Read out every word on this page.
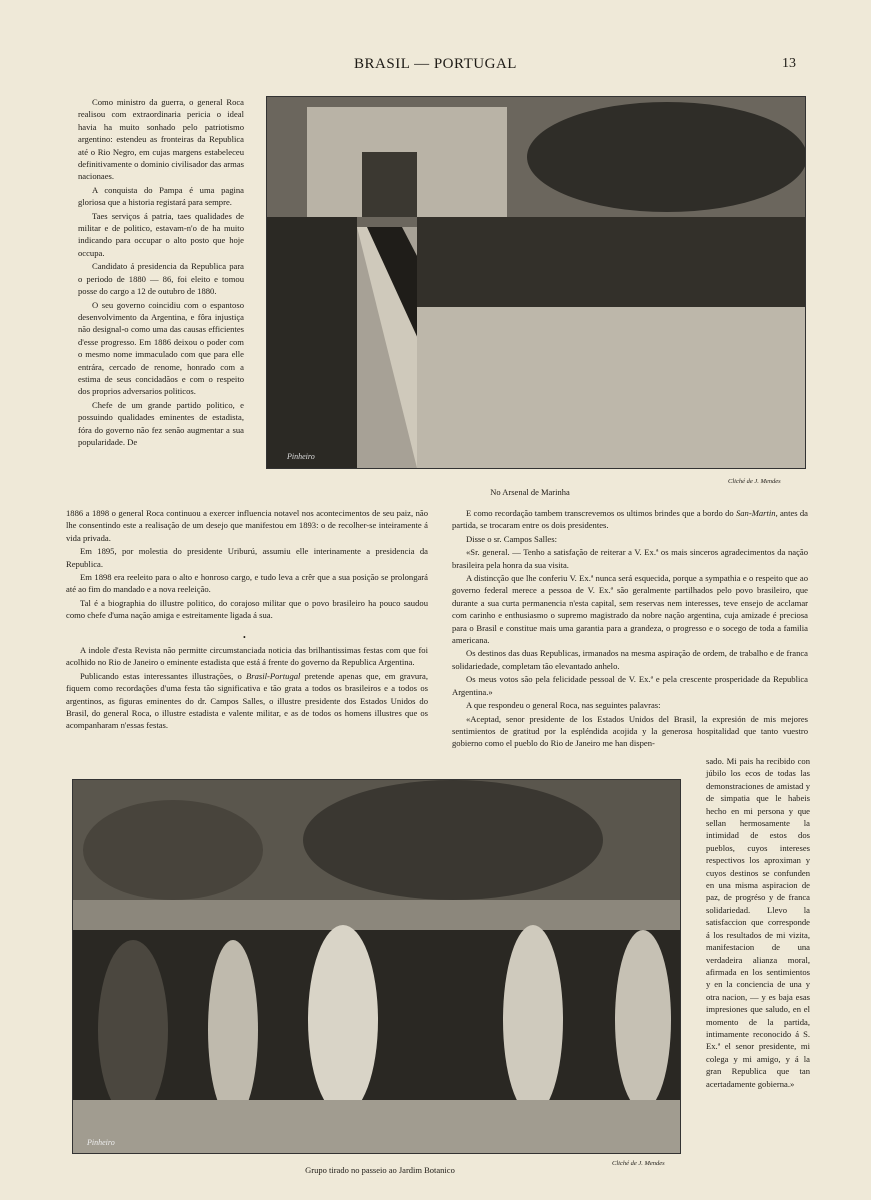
BRASIL — PORTUGAL	13

Como ministro da guerra, o general Roca realisou com extraordinaria pericia o ideal havia ha muito sonhado pelo patriotismo argentino: estendeu as fronteiras da Republica até o Rio Negro, em cujas margens estabeleceu definitivamente o dominio civilisador das armas nacionaes.

A conquista do Pampa é uma pagina gloriosa que a historia registará para sempre.

Taes serviços á patria, taes qualidades de militar e de politico, estavam-n'o de ha muito indicando para occupar o alto posto que hoje occupa.

Candidato á presidencia da Republica para o periodo de 1880 — 86, foi eleito e tomou posse do cargo a 12 de outubro de 1880.

O seu governo coincidiu com o espantoso desenvolvimento da Argentina, e fôra injustiça não designal-o como uma das causas efficientes d'esse progresso. Em 1886 deixou o poder com o mesmo nome immaculado com que para elle entrára, cercado de renome, honrado com a estima de seus concidadãos e com o respeito dos proprios adversarios politicos.

Chefe de um grande partido politico, e possuindo qualidades eminentes de estadista, fóra do governo não fez senão augmentar a sua popularidade. De

Pinheiro
No Arsenal de Marinha
Cliché de J. Mendes

1886 a 1898 o general Roca continuou a exercer influencia notavel nos acontecimentos de seu paiz, não lhe consentindo este a realisação de um desejo que manifestou em 1893: o de recolher-se inteiramente á vida privada.

Em 1895, por molestia do presidente Uriburú, assumiu elle interinamente a presidencia da Republica.

Em 1898 era reeleito para o alto e honroso cargo, e tudo leva a crêr que a sua posição se prolongará até ao fim do mandado e a nova reeleição.

Tal é a biographia do illustre politico, do corajoso militar que o povo brasileiro ha pouco saudou como chefe d'uma nação amiga e estreitamente ligada á sua.

•

A indole d'esta Revista não permitte circumstanciada noticia das brilhantissimas festas com que foi acolhido no Rio de Janeiro o eminente estadista que está á frente do governo da Republica Argentina.

Publicando estas interessantes illustrações, o Brasil-Portugal pretende apenas que, em gravura, fiquem como recordações d'uma festa tão significativa e tão grata a todos os brasileiros e a todos os argentinos, as figuras eminentes do dr. Campos Salles, o illustre presidente dos Estados Unidos do Brasil, do general Roca, o illustre estadista e valente militar, e as de todos os homens illustres que os acompanharam n'essas festas.

E como recordação tambem transcrevemos os ultimos brindes que a bordo do San-Martin, antes da partida, se trocaram entre os dois presidentes.

Disse o sr. Campos Salles:

«Sr. general. — Tenho a satisfação de reiterar a V. Ex.ª os mais sinceros agradecimentos da nação brasileira pela honra da sua visita.

A distincção que lhe conferiu V. Ex.ª nunca será esquecida, porque a sympathia e o respeito que ao governo federal merece a pessoa de V. Ex.ª são geralmente partilhados pelo povo brasileiro, que durante a sua curta permanencia n'esta capital, sem reservas nem interesses, teve ensejo de acclamar com carinho e enthusiasmo o supremo magistrado da nobre nação argentina, cuja amizade é preciosa para o Brasil e constitue mais uma garantia para a grandeza, o progresso e o socego de toda a familia americana.

Os destinos das duas Republicas, irmanados na mesma aspiração de ordem, de trabalho e de franca solidariedade, completam tão elevantado anhelo.

Os meus votos são pela felicidade pessoal de V. Ex.ª e pela crescente prosperidade da Republica Argentina.»

A que respondeu o general Roca, nas seguintes palavras:

«Aceptad, senor presidente de los Estados Unidos del Brasil, la expresión de mis mejores sentimientos de gratitud por la espléndida acojida y la generosa hospitalidad que tanto vuestro gobierno como el pueblo do Rio de Janeiro me han dispen-

Pinheiro
Grupo tirado no passeio ao Jardim Botanico
Cliché de J. Mendes

sado. Mi pais ha recibido con júbilo los ecos de todas las demonstraciones de amistad y de simpatia que le habeis hecho en mi persona y que sellan hermosamente la intimidad de estos dos pueblos, cuyos intereses respectivos los aproximan y cuyos destinos se confunden en una misma aspiracion de paz, de progréso y de franca solidariedad. Llevo la satisfaccion que corresponde á los resultados de mi vizita, manifestacion de una verdadeira alianza moral, afirmada en los sentimientos y en la conciencia de una y otra nacion, — y es baja esas impresiones que saludo, en el momento de la partida, intimamente reconocido á S. Ex.ª el senor presidente, mi colega y mi amigo, y á la gran Republica que tan acertadamente gobierna.»
